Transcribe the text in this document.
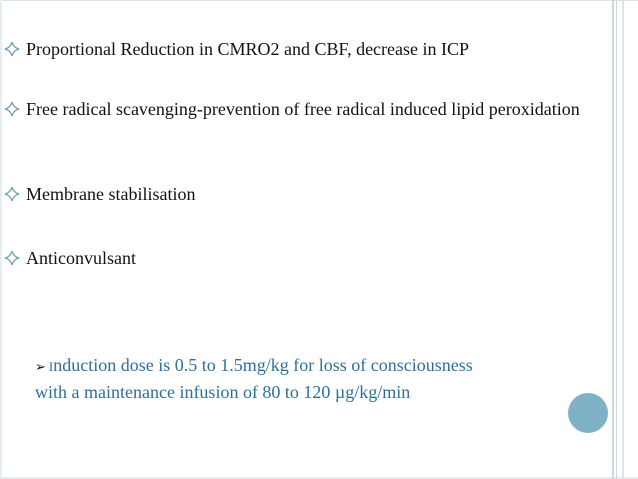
Proportional Reduction in CMRO2 and CBF, decrease in ICP
Free radical scavenging-prevention of free radical induced lipid peroxidation
Membrane stabilisation
Anticonvulsant
➢ Induction dose is 0.5 to 1.5mg/kg for loss of consciousness with a maintenance infusion of 80 to 120 µg/kg/min
